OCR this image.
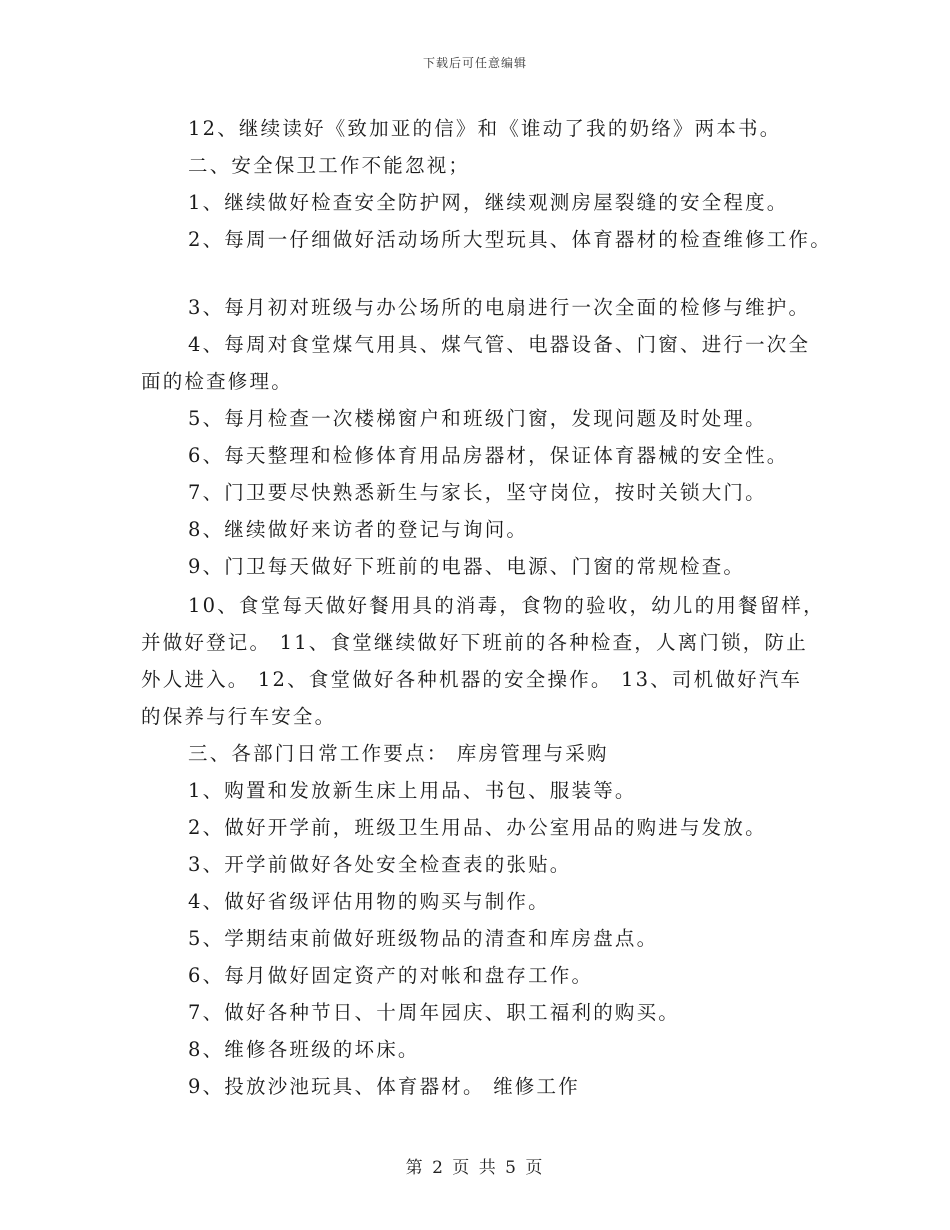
下载后可任意编辑
12、继续读好《致加亚的信》和《谁动了我的奶络》两本书。
二、安全保卫工作不能忽视；
1、继续做好检查安全防护网，继续观测房屋裂缝的安全程度。
2、每周一仔细做好活动场所大型玩具、体育器材的检查维修工作。
3、每月初对班级与办公场所的电扇进行一次全面的检修与维护。
4、每周对食堂煤气用具、煤气管、电器设备、门窗、进行一次全
面的检查修理。
5、每月检查一次楼梯窗户和班级门窗，发现问题及时处理。
6、每天整理和检修体育用品房器材，保证体育器械的安全性。
7、门卫要尽快熟悉新生与家长，坚守岗位，按时关锁大门。
8、继续做好来访者的登记与询问。
9、门卫每天做好下班前的电器、电源、门窗的常规检查。
10、食堂每天做好餐用具的消毒，食物的验收，幼儿的用餐留样，
并做好登记。 11、食堂继续做好下班前的各种检查，人离门锁，防止
外人进入。 12、食堂做好各种机器的安全操作。 13、司机做好汽车
的保养与行车安全。
三、各部门日常工作要点： 库房管理与采购
1、购置和发放新生床上用品、书包、服装等。
2、做好开学前，班级卫生用品、办公室用品的购进与发放。
3、开学前做好各处安全检查表的张贴。
4、做好省级评估用物的购买与制作。
5、学期结束前做好班级物品的清查和库房盘点。
6、每月做好固定资产的对帐和盘存工作。
7、做好各种节日、十周年园庆、职工福利的购买。
8、维修各班级的坏床。
9、投放沙池玩具、体育器材。 维修工作
第 2 页 共 5 页
